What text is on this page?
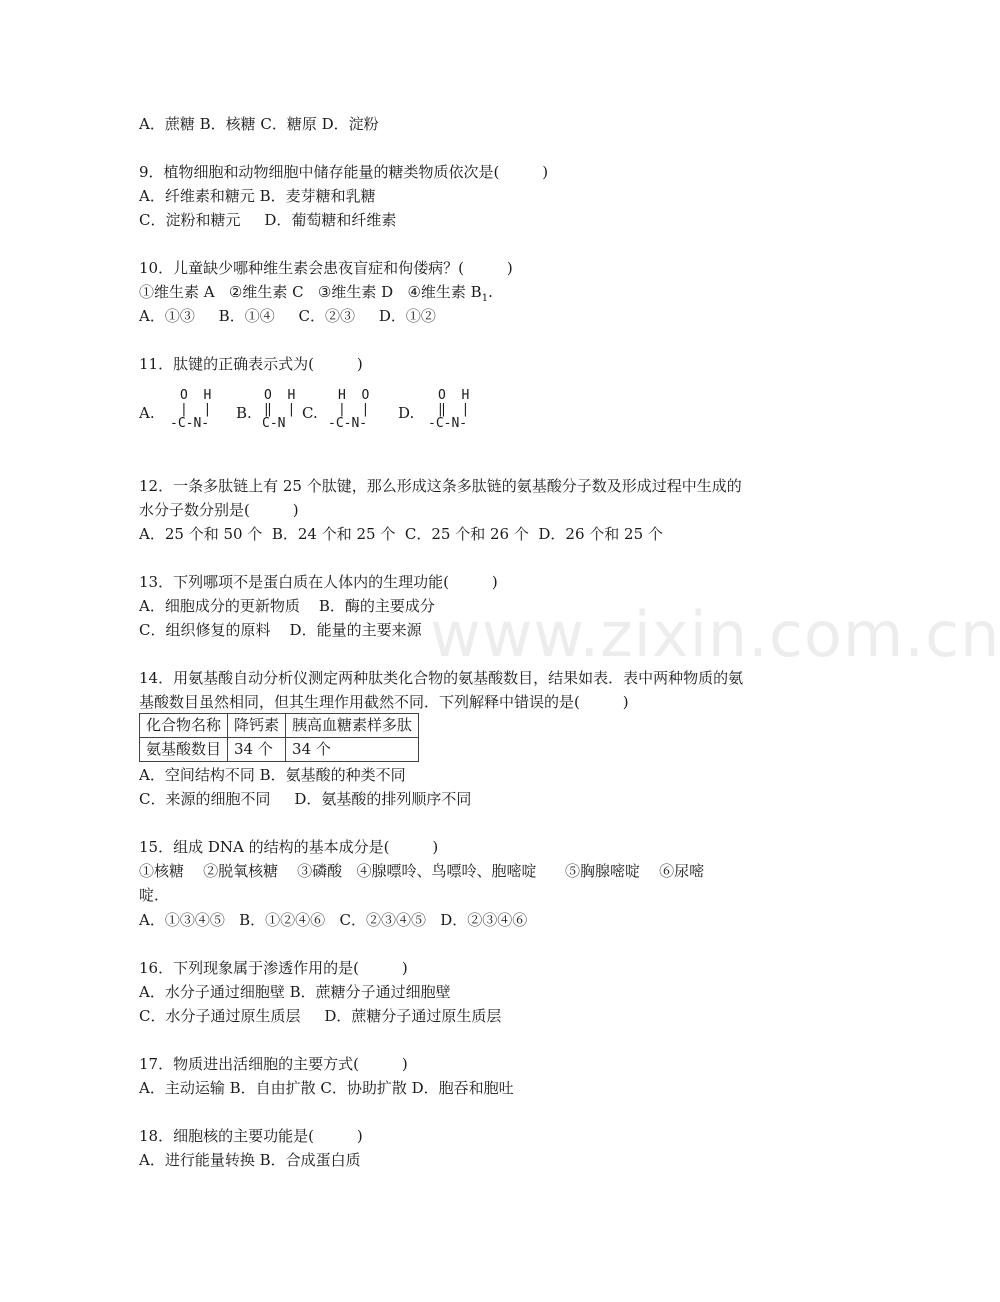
www.zixin.com.cn
A．蔗糖 B．核糖 C．糖原 D．淀粉
9．植物细胞和动物细胞中储存能量的糖类物质依次是(         )
A．纤维素和糖元 B．麦芽糖和乳糖
C．淀粉和糖元     D．葡萄糖和纤维素
10．儿童缺少哪种维生素会患夜盲症和佝偻病？(         )
①维生素 A   ②维生素 C   ③维生素 D   ④维生素 $B_1$.
A．①③     B．①④     C．②③     D．①②
11．肽键的正确表示式为(         )
A.	B.	C.	D.
O  H
|  |
-C-N-
O  H
‖  |
C-N
H  O
|  |
-C-N-
O  H
‖  |
-C-N-
12．一条多肽链上有 25 个肽键，那么形成这条多肽链的氨基酸分子数及形成过程中生成的
水分子数分别是(         )
A．25 个和 50 个  B．24 个和 25 个  C．25 个和 26 个  D．26 个和 25 个
13．下列哪项不是蛋白质在人体内的生理功能(         )
A．细胞成分的更新物质    B．酶的主要成分
C．组织修复的原料    D．能量的主要来源
14．用氨基酸自动分析仪测定两种肽类化合物的氨基酸数目，结果如表．表中两种物质的氨
基酸数目虽然相同，但其生理作用截然不同．下列解释中错误的是(         )
化合物名称	降钙素	胰高血糖素样多肽
氨基酸数目	34 个	34 个
A．空间结构不同 B．氨基酸的种类不同
C．来源的细胞不同     D．氨基酸的排列顺序不同
15．组成 DNA 的结构的基本成分是(         )
①核糖    ②脱氧核糖    ③磷酸   ④腺嘌呤、鸟嘌呤、胞嘧啶      ⑤胸腺嘧啶    ⑥尿嘧
啶．
A．①③④⑤   B．①②④⑥   C．②③④⑤   D．②③④⑥
16．下列现象属于渗透作用的是(         )
A．水分子通过细胞壁 B．蔗糖分子通过细胞壁
C．水分子通过原生质层     D．蔗糖分子通过原生质层
17．物质进出活细胞的主要方式(         )
A．主动运输 B．自由扩散 C．协助扩散 D．胞吞和胞吐
18．细胞核的主要功能是(         )
A．进行能量转换 B．合成蛋白质
